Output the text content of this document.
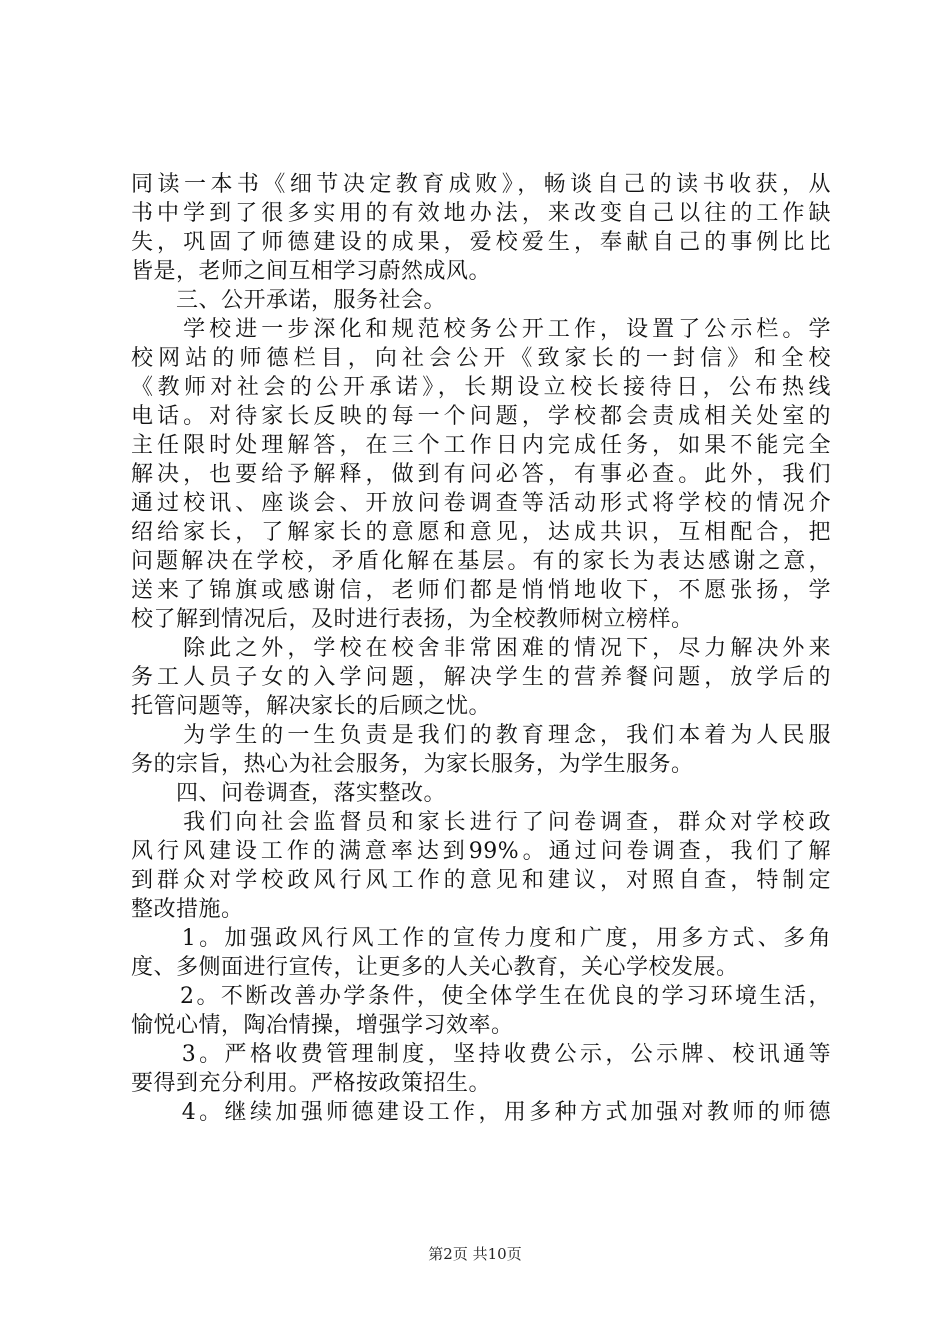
同读一本书《细节决定教育成败》，畅谈自己的读书收获，从
书中学到了很多实用的有效地办法，来改变自己以往的工作缺
失，巩固了师德建设的成果，爱校爱生，奉献自己的事例比比
皆是，老师之间互相学习蔚然成风。
　　三、公开承诺，服务社会。
　　学校进一步深化和规范校务公开工作，设置了公示栏。学
校网站的师德栏目，向社会公开《致家长的一封信》和全校
《教师对社会的公开承诺》，长期设立校长接待日，公布热线
电话。对待家长反映的每一个问题，学校都会责成相关处室的
主任限时处理解答，在三个工作日内完成任务，如果不能完全
解决，也要给予解释，做到有问必答，有事必查。此外，我们
通过校讯、座谈会、开放问卷调查等活动形式将学校的情况介
绍给家长，了解家长的意愿和意见，达成共识，互相配合，把
问题解决在学校，矛盾化解在基层。有的家长为表达感谢之意，
送来了锦旗或感谢信，老师们都是悄悄地收下，不愿张扬，学
校了解到情况后，及时进行表扬，为全校教师树立榜样。
　　除此之外，学校在校舍非常困难的情况下，尽力解决外来
务工人员子女的入学问题，解决学生的营养餐问题，放学后的
托管问题等，解决家长的后顾之忧。
　　为学生的一生负责是我们的教育理念，我们本着为人民服
务的宗旨，热心为社会服务，为家长服务，为学生服务。
　　四、问卷调查，落实整改。
　　我们向社会监督员和家长进行了问卷调查，群众对学校政
风行风建设工作的满意率达到99%。通过问卷调查，我们了解
到群众对学校政风行风工作的意见和建议，对照自查，特制定
整改措施。
　　1。加强政风行风工作的宣传力度和广度，用多方式、多角
度、多侧面进行宣传，让更多的人关心教育，关心学校发展。
　　2。不断改善办学条件，使全体学生在优良的学习环境生活，
愉悦心情，陶冶情操，增强学习效率。
　　3。严格收费管理制度，坚持收费公示，公示牌、校讯通等
要得到充分利用。严格按政策招生。
　　4。继续加强师德建设工作，用多种方式加强对教师的师德
第2页 共10页
